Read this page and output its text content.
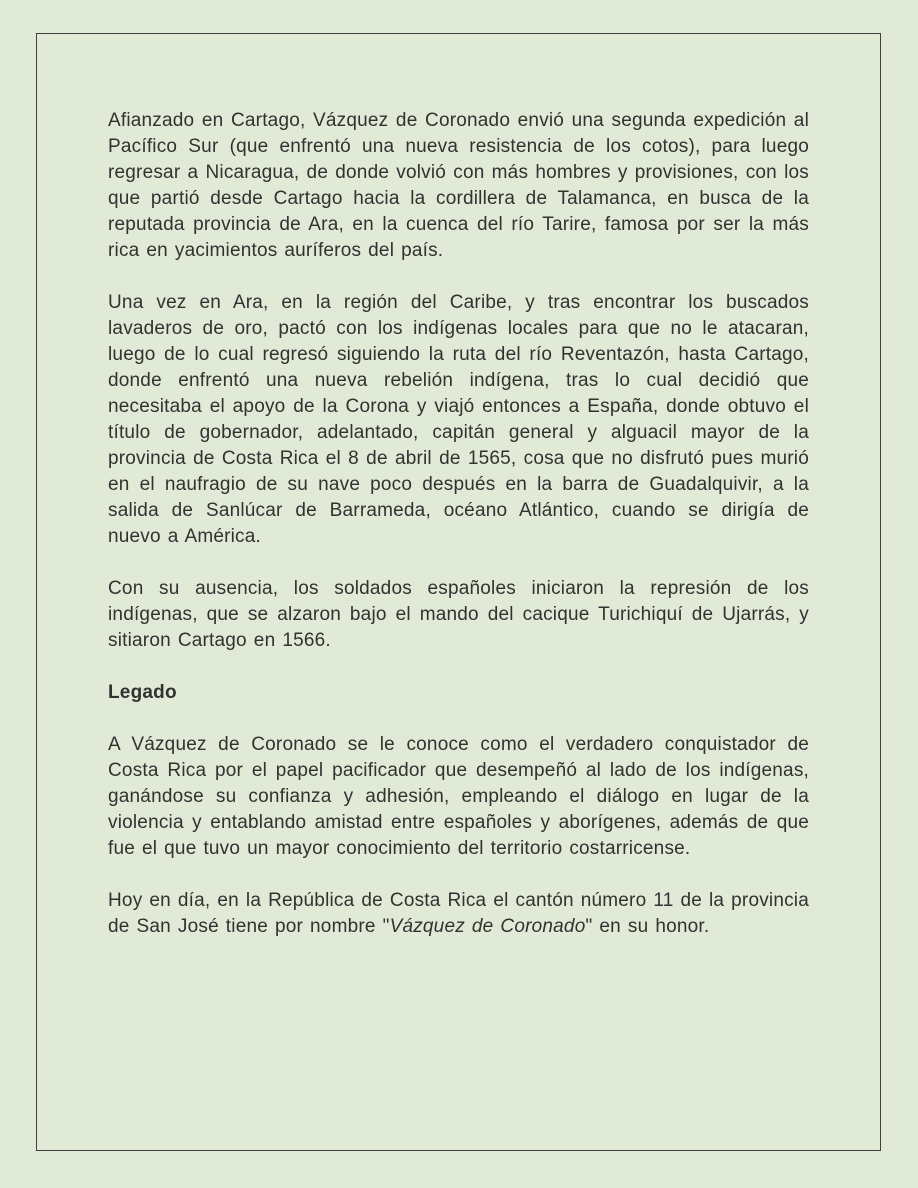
Afianzado en Cartago, Vázquez de Coronado envió una segunda expedición al Pacífico Sur (que enfrentó una nueva resistencia de los cotos), para luego regresar a Nicaragua, de donde volvió con más hombres y provisiones, con los que partió desde Cartago hacia la cordillera de Talamanca, en busca de la reputada provincia de Ara, en la cuenca del río Tarire, famosa por ser la más rica en yacimientos auríferos del país.

Una vez en Ara, en la región del Caribe, y tras encontrar los buscados lavaderos de oro, pactó con los indígenas locales para que no le atacaran, luego de lo cual regresó siguiendo la ruta del río Reventazón, hasta Cartago, donde enfrentó una nueva rebelión indígena, tras lo cual decidió que necesitaba el apoyo de la Corona y viajó entonces a España, donde obtuvo el título de gobernador, adelantado, capitán general y alguacil mayor de la provincia de Costa Rica el 8 de abril de 1565, cosa que no disfrutó pues murió en el naufragio de su nave poco después en la barra de Guadalquivir, a la salida de Sanlúcar de Barrameda, océano Atlántico, cuando se dirigía de nuevo a América.

Con su ausencia, los soldados españoles iniciaron la represión de los indígenas, que se alzaron bajo el mando del cacique Turichiquí de Ujarrás, y sitiaron Cartago en 1566.

Legado

A Vázquez de Coronado se le conoce como el verdadero conquistador de Costa Rica por el papel pacificador que desempeñó al lado de los indígenas, ganándose su confianza y adhesión, empleando el diálogo en lugar de la violencia y entablando amistad entre españoles y aborígenes, además de que fue el que tuvo un mayor conocimiento del territorio costarricense.

Hoy en día, en la República de Costa Rica el cantón número 11 de la provincia de San José tiene por nombre "Vázquez de Coronado" en su honor.
